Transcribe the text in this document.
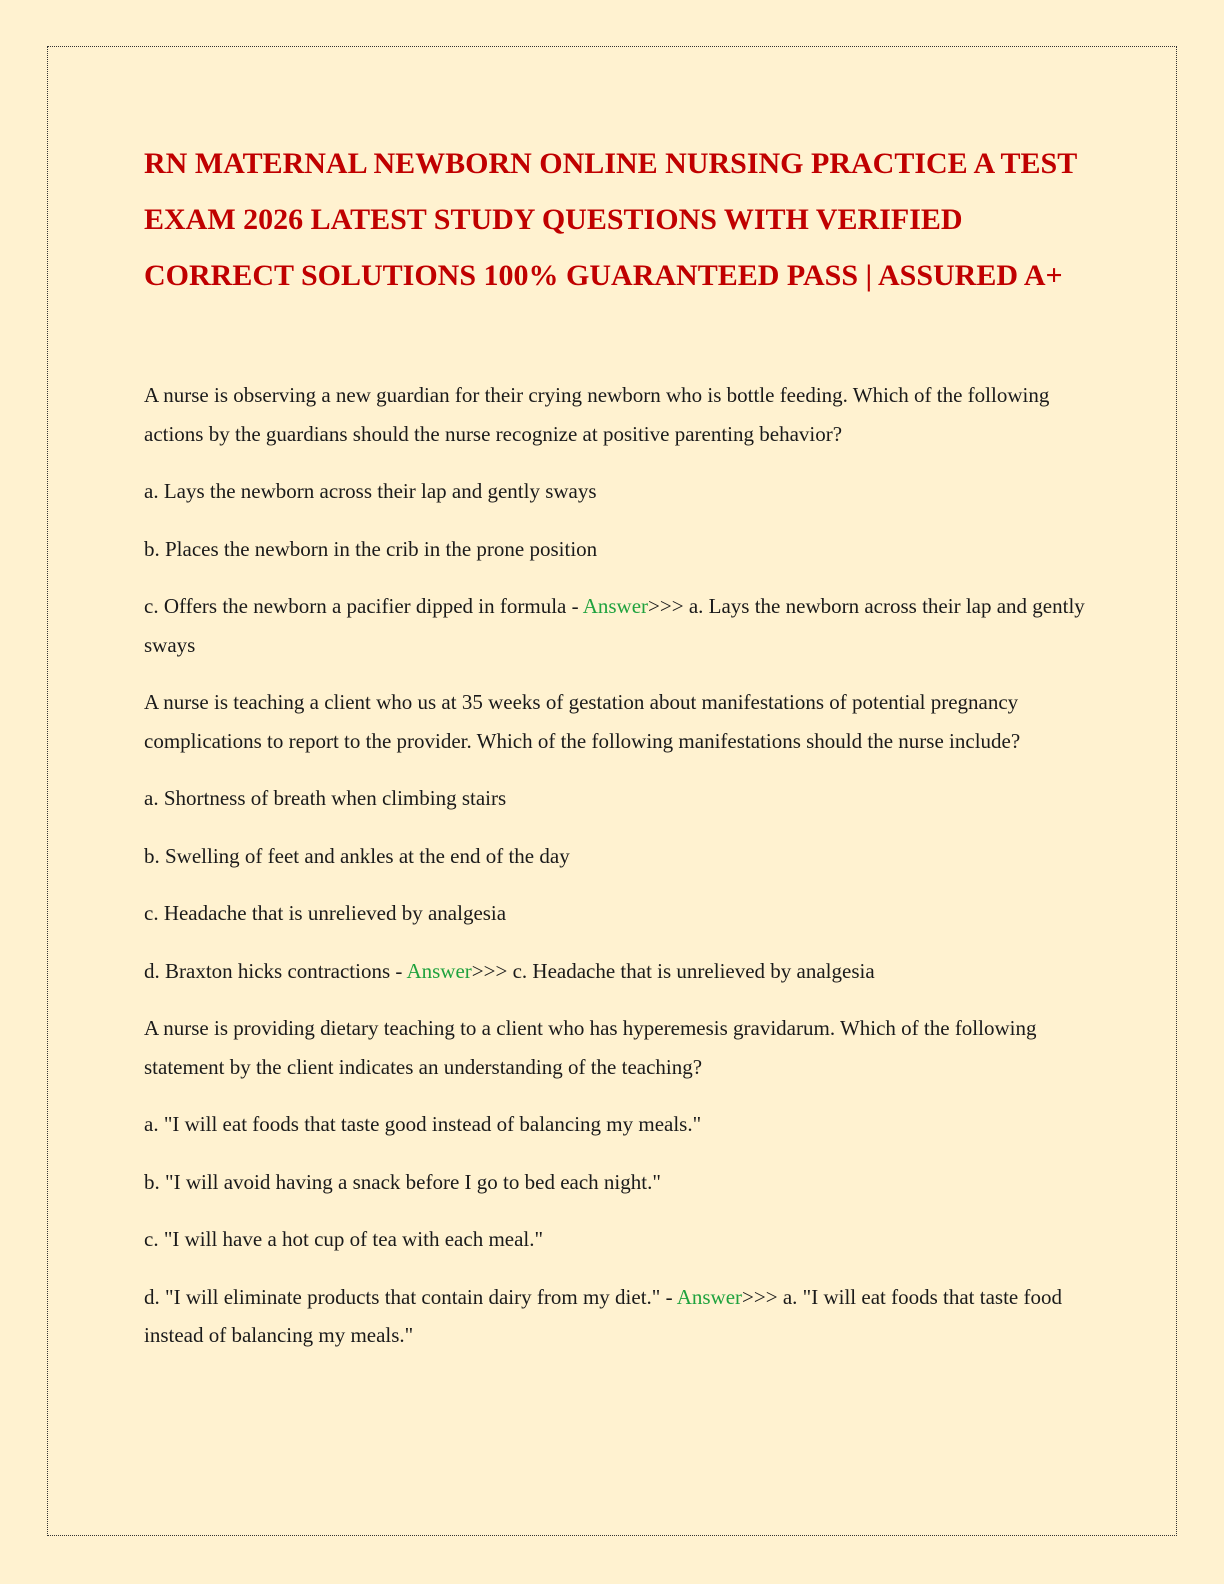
RN MATERNAL NEWBORN ONLINE NURSING PRACTICE A TEST EXAM 2026 LATEST STUDY QUESTIONS WITH VERIFIED CORRECT SOLUTIONS 100% GUARANTEED PASS | ASSURED A+

A nurse is observing a new guardian for their crying newborn who is bottle feeding. Which of the following actions by the guardians should the nurse recognize at positive parenting behavior?

a. Lays the newborn across their lap and gently sways

b. Places the newborn in the crib in the prone position

c. Offers the newborn a pacifier dipped in formula - Answer>>> a. Lays the newborn across their lap and gently sways

A nurse is teaching a client who us at 35 weeks of gestation about manifestations of potential pregnancy complications to report to the provider. Which of the following manifestations should the nurse include?

a. Shortness of breath when climbing stairs

b. Swelling of feet and ankles at the end of the day

c. Headache that is unrelieved by analgesia

d. Braxton hicks contractions - Answer>>> c. Headache that is unrelieved by analgesia

A nurse is providing dietary teaching to a client who has hyperemesis gravidarum. Which of the following statement by the client indicates an understanding of the teaching?

a. "I will eat foods that taste good instead of balancing my meals."

b. "I will avoid having a snack before I go to bed each night."

c. "I will have a hot cup of tea with each meal."

d. "I will eliminate products that contain dairy from my diet." - Answer>>> a. "I will eat foods that taste food instead of balancing my meals."
